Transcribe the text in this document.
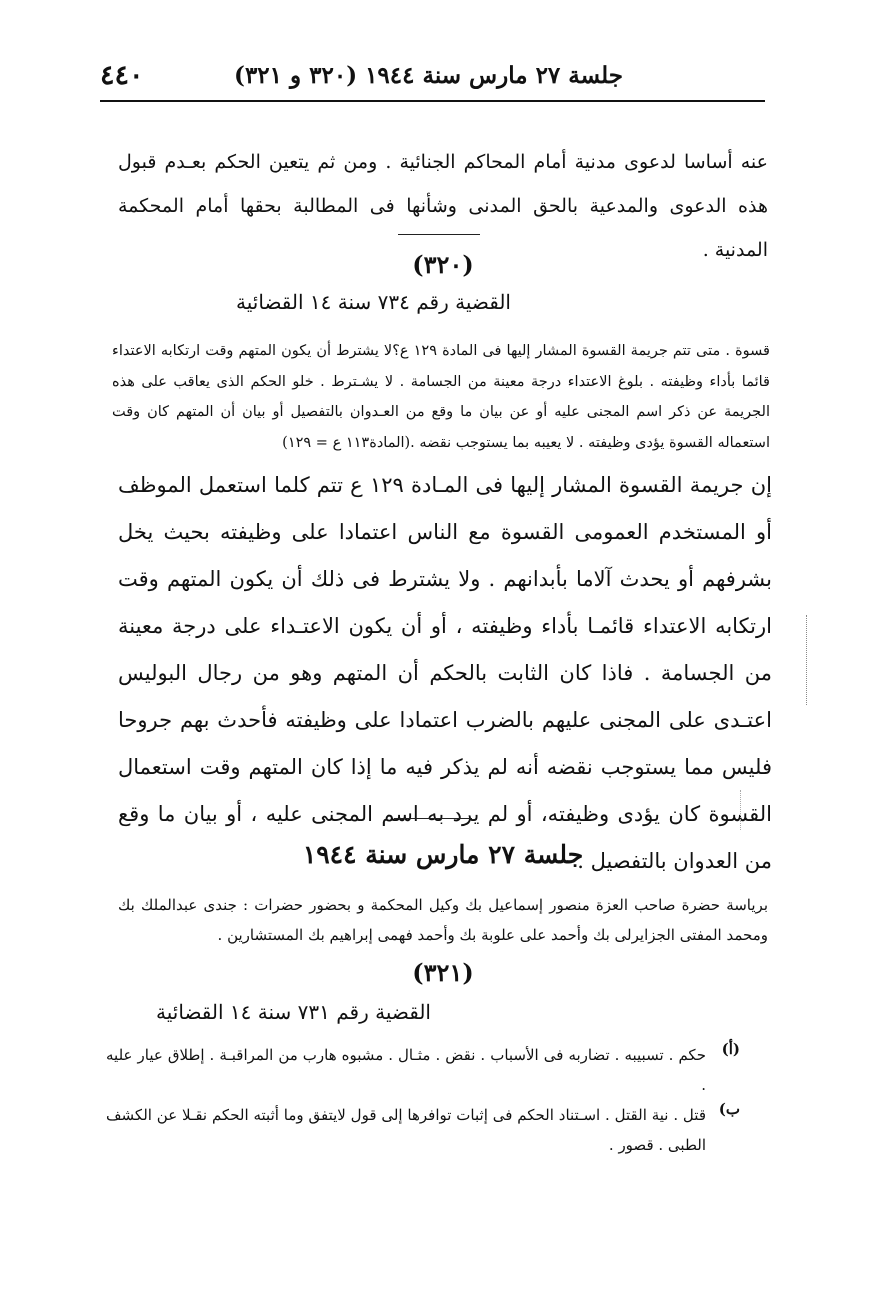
٤٤٠	جلسة ٢٧ مارس سنة ١٩٤٤ (٣٢٠ و ٣٢١)
عنه أساسا لدعوى مدنية أمام المحاكم الجنائية . ومن ثم يتعين الحكم بعـدم قبول هذه الدعوى والمدعية بالحق المدنى وشأنها فى المطالبة بحقها أمام المحكمة المدنية .
(٣٢٠)
القضية رقم ٧٣٤ سنة ١٤ القضائية
قسوة . متى تتم جريمة القسوة المشار إليها فى المادة ١٢٩ ع؟لا يشترط أن يكون المتهم وقت ارتكابه الاعتداء قائما بأداء وظيفته . بلوغ الاعتداء درجة معينة من الجسامة . لا يشـترط . خلو الحكم الذى يعاقب على هذه الجريمة عن ذكر اسم المجنى عليه أو عن بيان ما وقع من العـدوان بالتفصيل أو بيان أن المتهم كان وقت استعماله القسوة يؤدى وظيفته . لا يعيبه بما يستوجب نقضه .(المادة١١٣ ع = ١٢٩)
إن جريمة القسوة المشار إليها فى المـادة ١٢٩ ع تتم كلما استعمل الموظف أو المستخدم العمومى القسوة مع الناس اعتمادا على وظيفته بحيث يخل بشرفهم أو يحدث آلاما بأبدانهم . ولا يشترط فى ذلك أن يكون المتهم وقت ارتكابه الاعتداء قائمـا بأداء وظيفته ، أو أن يكون الاعتـداء على درجة معينة من الجسامة . فاذا كان الثابت بالحكم أن المتهم وهو من رجال البوليس اعتـدى على المجنى عليهم بالضرب اعتمادا على وظيفته فأحدث بهم جروحا فليس مما يستوجب نقضه أنه لم يذكر فيه ما إذا كان المتهم وقت استعمال القسوة كان يؤدى وظيفته، أو لم يرد به اسم المجنى عليه ، أو بيان ما وقع من العدوان بالتفصيل .
جلسة ٢٧ مارس سنة ١٩٤٤
برياسة حضرة صاحب العزة منصور إسماعيل بك وكيل المحكمة و بحضور حضرات : جندى عبدالملك بك ومحمد المفتى الجزايرلى بك وأحمد على علوبة بك وأحمد فهمى إبراهيم بك المستشارين .
(٣٢١)
القضية رقم ٧٣١ سنة ١٤ القضائية
(أ)
حكم . تسبيبه . تضاربه فى الأسباب . نقض . مثـال . مشبوه هارب من المراقبـة . إطلاق عيار عليه .
ب)
قتل . نية القتل . اسـتناد الحكم فى إثبات توافرها إلى قول لايتفق وما أثبته الحكم نقـلا عن الكشف الطبى . قصور .
